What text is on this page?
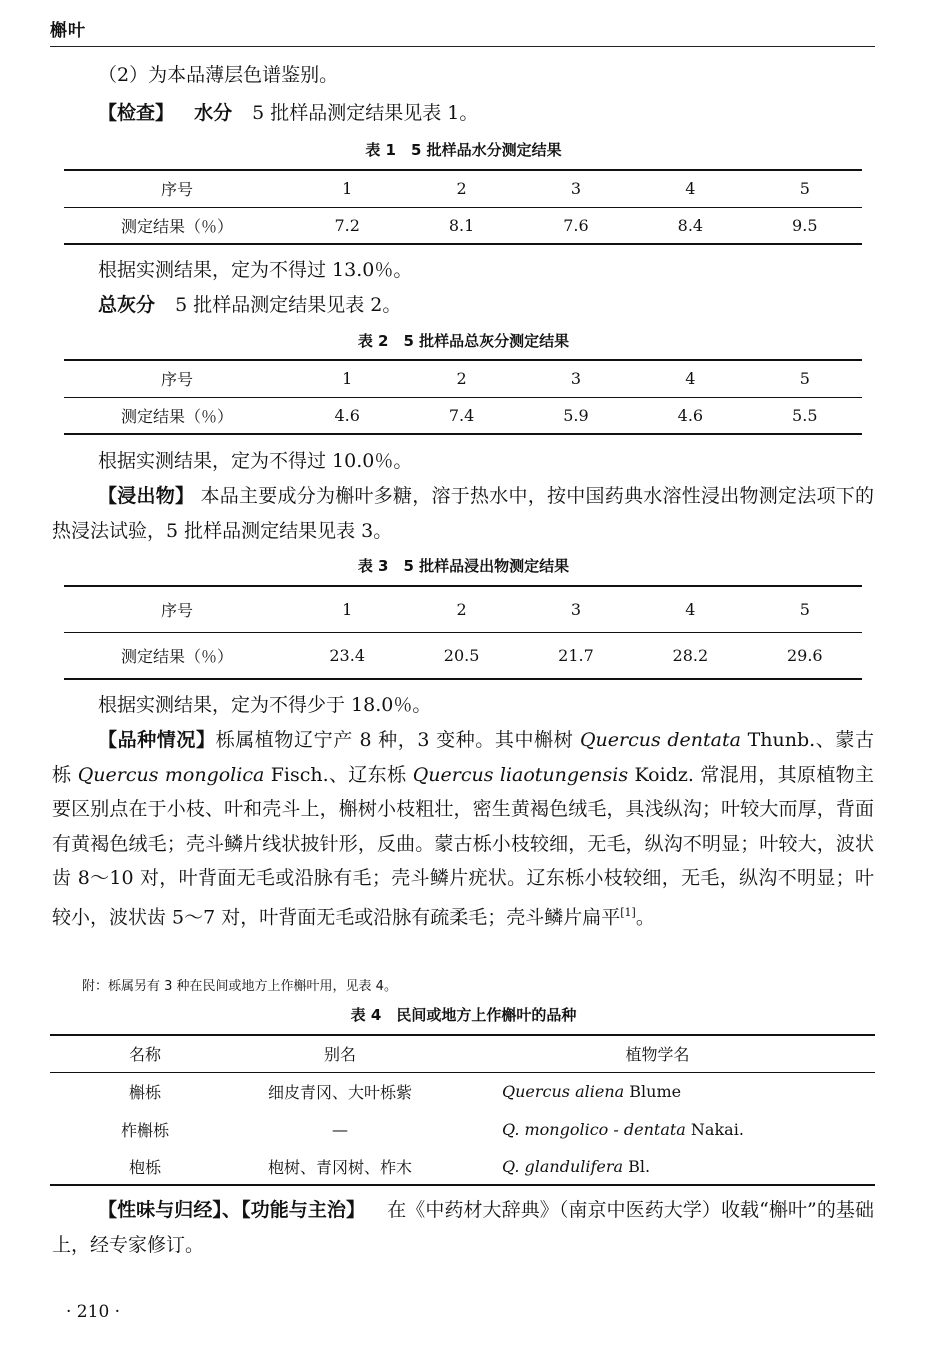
槲叶
（2）为本品薄层色谱鉴别。
【检查】 水分 5 批样品测定结果见表 1。
表 1　5 批样品水分测定结果
序号	1	2	3	4	5
测定结果（％）	7.2	8.1	7.6	8.4	9.5
根据实测结果，定为不得过 13.0％。
总灰分 5 批样品测定结果见表 2。
表 2　5 批样品总灰分测定结果
序号	1	2	3	4	5
测定结果（％）	4.6	7.4	5.9	4.6	5.5
根据实测结果，定为不得过 10.0％。
【浸出物】 本品主要成分为槲叶多糖，溶于热水中，按中国药典水溶性浸出物测定法项下的热浸法试验，5 批样品测定结果见表 3。
表 3　5 批样品浸出物测定结果
序号	1	2	3	4	5
测定结果（％）	23.4	20.5	21.7	28.2	29.6
根据实测结果，定为不得少于 18.0％。
【品种情况】栎属植物辽宁产 8 种，3 变种。其中槲树 Quercus dentata Thunb.、蒙古栎 Quercus mongolica Fisch.、辽东栎 Quercus liaotungensis Koidz. 常混用，其原植物主要区别点在于小枝、叶和壳斗上，槲树小枝粗壮，密生黄褐色绒毛，具浅纵沟；叶较大而厚，背面有黄褐色绒毛；壳斗鳞片线状披针形，反曲。蒙古栎小枝较细，无毛，纵沟不明显；叶较大，波状齿 8～10 对，叶背面无毛或沿脉有毛；壳斗鳞片疣状。辽东栎小枝较细，无毛，纵沟不明显；叶较小，波状齿 5～7 对，叶背面无毛或沿脉有疏柔毛；壳斗鳞片扁平[1]。
附：栎属另有 3 种在民间或地方上作槲叶用，见表 4。
表 4　民间或地方上作槲叶的品种
名称	别名	植物学名
槲栎	细皮青冈、大叶栎紫	Quercus aliena Blume
柞槲栎	—	Q. mongolico - dentata Nakai.
枹栎	枹树、青冈树、柞木	Q. glandulifera Bl.
【性味与归经】、【功能与主治】 在《中药材大辞典》（南京中医药大学）收载“槲叶”的基础上，经专家修订。
· 210 ·
